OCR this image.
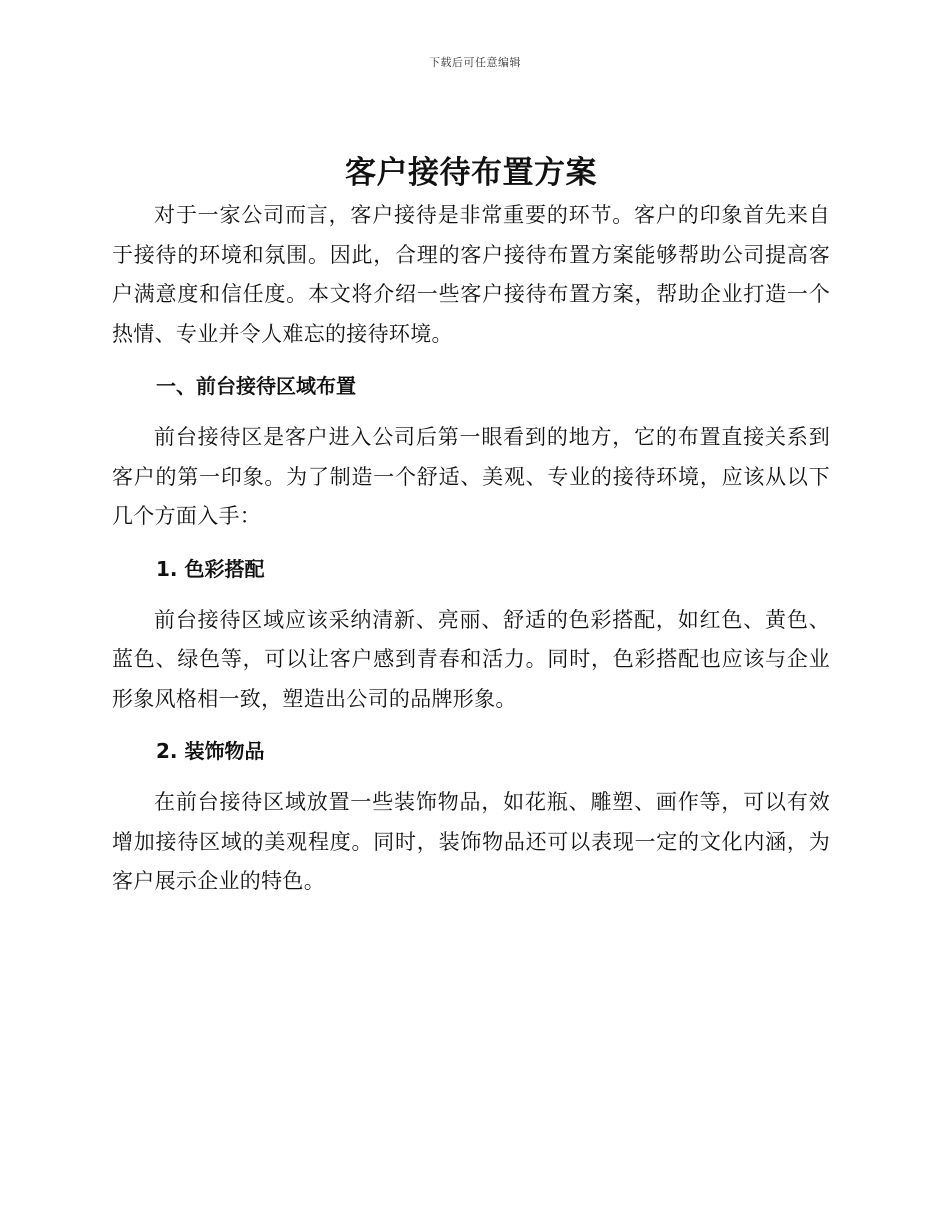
下载后可任意编辑
客户接待布置方案

对于一家公司而言，客户接待是非常重要的环节。客户的印象首先来自于接待的环境和氛围。因此，合理的客户接待布置方案能够帮助公司提高客户满意度和信任度。本文将介绍一些客户接待布置方案，帮助企业打造一个热情、专业并令人难忘的接待环境。

一、前台接待区域布置

前台接待区是客户进入公司后第一眼看到的地方，它的布置直接关系到客户的第一印象。为了制造一个舒适、美观、专业的接待环境，应该从以下几个方面入手：

1. 色彩搭配

前台接待区域应该采纳清新、亮丽、舒适的色彩搭配，如红色、黄色、蓝色、绿色等，可以让客户感到青春和活力。同时，色彩搭配也应该与企业形象风格相一致，塑造出公司的品牌形象。

2. 装饰物品

在前台接待区域放置一些装饰物品，如花瓶、雕塑、画作等，可以有效增加接待区域的美观程度。同时，装饰物品还可以表现一定的文化内涵，为客户展示企业的特色。
